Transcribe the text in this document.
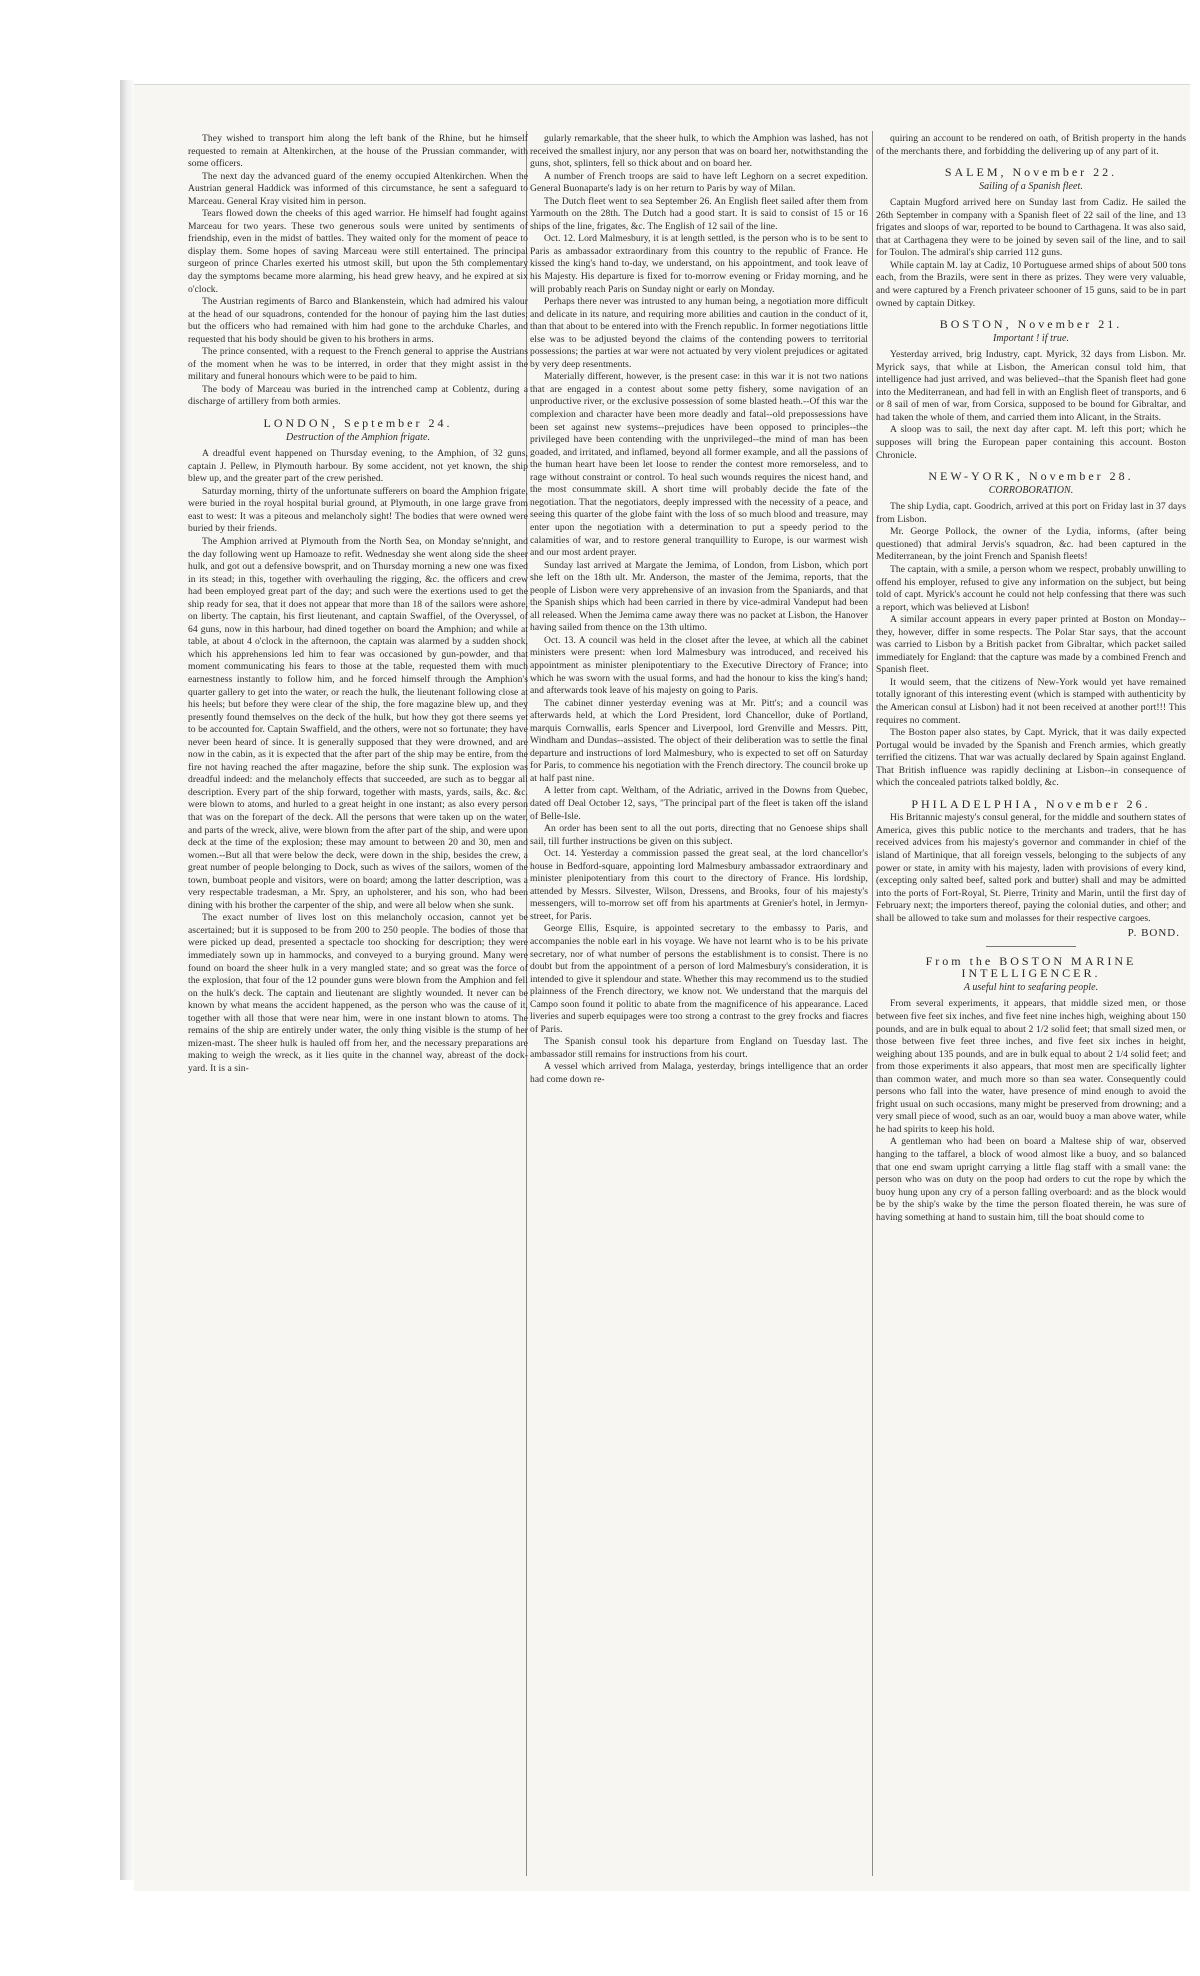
They wished to transport him along the left bank of the Rhine, but he himself requested to remain at Altenkirchen, at the house of the Prussian commander, with some officers.

The next day the advanced guard of the enemy occupied Altenkirchen. When the Austrian general Haddick was informed of this circumstance, he sent a safeguard to Marceau. General Kray visited him in person.

Tears flowed down the cheeks of this aged warrior. He himself had fought against Marceau for two years. These two generous souls were united by sentiments of friendship, even in the midst of battles. They waited only for the moment of peace to display them. Some hopes of saving Marceau were still entertained. The principal surgeon of prince Charles exerted his utmost skill, but upon the 5th complementary day the symptoms became more alarming, his head grew heavy, and he expired at six o'clock.

The Austrian regiments of Barco and Blankenstein, which had admired his valour at the head of our squadrons, contended for the honour of paying him the last duties; but the officers who had remained with him had gone to the archduke Charles, and requested that his body should be given to his brothers in arms.

The prince consented, with a request to the French general to apprise the Austrians of the moment when he was to be interred, in order that they might assist in the military and funeral honours which were to be paid to him.

The body of Marceau was buried in the intrenched camp at Coblentz, during a discharge of artillery from both armies.

LONDON, September 24.

Destruction of the Amphion frigate.

A dreadful event happened on Thursday evening, to the Amphion, of 32 guns, captain J. Pellew, in Plymouth harbour. By some accident, not yet known, the ship blew up, and the greater part of the crew perished.

Saturday morning, thirty of the unfortunate sufferers on board the Amphion frigate, were buried in the royal hospital burial ground, at Plymouth, in one large grave from east to west: It was a piteous and melancholy sight! The bodies that were owned were buried by their friends.

The Amphion arrived at Plymouth from the North Sea, on Monday se'nnight, and the day following went up Hamoaze to refit. Wednesday she went along side the sheer hulk, and got out a defensive bowsprit, and on Thursday morning a new one was fixed in its stead; in this, together with overhauling the rigging, &c. the officers and crew had been employed great part of the day; and such were the exertions used to get the ship ready for sea, that it does not appear that more than 18 of the sailors were ashore, on liberty. The captain, his first lieutenant, and captain Swaffiel, of the Overyssel, of 64 guns, now in this harbour, had dined together on board the Amphion; and while at table, at about 4 o'clock in the afternoon, the captain was alarmed by a sudden shock, which his apprehensions led him to fear was occasioned by gun-powder, and that moment communicating his fears to those at the table, requested them with much earnestness instantly to follow him, and he forced himself through the Amphion's quarter gallery to get into the water, or reach the hulk, the lieutenant following close at his heels; but before they were clear of the ship, the fore magazine blew up, and they presently found themselves on the deck of the hulk, but how they got there seems yet to be accounted for. Captain Swaffield, and the others, were not so fortunate; they have never been heard of since. It is generally supposed that they were drowned, and are now in the cabin, as it is expected that the after part of the ship may be entire, from the fire not having reached the after magazine, before the ship sunk. The explosion was dreadful indeed: and the melancholy effects that succeeded, are such as to beggar all description. Every part of the ship forward, together with masts, yards, sails, &c. &c. were blown to atoms, and hurled to a great height in one instant; as also every person that was on the forepart of the deck. All the persons that were taken up on the water, and parts of the wreck, alive, were blown from the after part of the ship, and were upon deck at the time of the explosion; these may amount to between 20 and 30, men and women.--But all that were below the deck, were down in the ship, besides the crew, a great number of people belonging to Dock, such as wives of the sailors, women of the town, bumboat people and visitors, were on board; among the latter description, was a very respectable tradesman, a Mr. Spry, an upholsterer, and his son, who had been dining with his brother the carpenter of the ship, and were all below when she sunk.

The exact number of lives lost on this melancholy occasion, cannot yet be ascertained; but it is supposed to be from 200 to 250 people. The bodies of those that were picked up dead, presented a spectacle too shocking for description; they were immediately sown up in hammocks, and conveyed to a burying ground. Many were found on board the sheer hulk in a very mangled state; and so great was the force of the explosion, that four of the 12 pounder guns were blown from the Amphion and fell on the hulk's deck. The captain and lieutenant are slightly wounded. It never can be known by what means the accident happened, as the person who was the cause of it, together with all those that were near him, were in one instant blown to atoms. The remains of the ship are entirely under water, the only thing visible is the stump of her mizen-mast. The sheer hulk is hauled off from her, and the necessary preparations are making to weigh the wreck, as it lies quite in the channel way, abreast of the dock-yard. It is a sin-

gularly remarkable, that the sheer hulk, to which the Amphion was lashed, has not received the smallest injury, nor any person that was on board her, notwithstanding the guns, shot, splinters, fell so thick about and on board her.

A number of French troops are said to have left Leghorn on a secret expedition. General Buonaparte's lady is on her return to Paris by way of Milan.

The Dutch fleet went to sea September 26. An English fleet sailed after them from Yarmouth on the 28th. The Dutch had a good start. It is said to consist of 15 or 16 ships of the line, frigates, &c. The English of 12 sail of the line.

Oct. 12. Lord Malmesbury, it is at length settled, is the person who is to be sent to Paris as ambassador extraordinary from this country to the republic of France. He kissed the king's hand to-day, we understand, on his appointment, and took leave of his Majesty. His departure is fixed for to-morrow evening or Friday morning, and he will probably reach Paris on Sunday night or early on Monday.

Perhaps there never was intrusted to any human being, a negotiation more difficult and delicate in its nature, and requiring more abilities and caution in the conduct of it, than that about to be entered into with the French republic. In former negotiations little else was to be adjusted beyond the claims of the contending powers to territorial possessions; the parties at war were not actuated by very violent prejudices or agitated by very deep resentments.

Materially different, however, is the present case: in this war it is not two nations that are engaged in a contest about some petty fishery, some navigation of an unproductive river, or the exclusive possession of some blasted heath.--Of this war the complexion and character have been more deadly and fatal--old prepossessions have been set against new systems--prejudices have been opposed to principles--the privileged have been contending with the unprivileged--the mind of man has been goaded, and irritated, and inflamed, beyond all former example, and all the passions of the human heart have been let loose to render the contest more remorseless, and to rage without constraint or control. To heal such wounds requires the nicest hand, and the most consummate skill. A short time will probably decide the fate of the negotiation. That the negotiators, deeply impressed with the necessity of a peace, and seeing this quarter of the globe faint with the loss of so much blood and treasure, may enter upon the negotiation with a determination to put a speedy period to the calamities of war, and to restore general tranquillity to Europe, is our warmest wish and our most ardent prayer.

Sunday last arrived at Margate the Jemima, of London, from Lisbon, which port she left on the 18th ult. Mr. Anderson, the master of the Jemima, reports, that the people of Lisbon were very apprehensive of an invasion from the Spaniards, and that the Spanish ships which had been carried in there by vice-admiral Vandeput had been all released. When the Jemima came away there was no packet at Lisbon, the Hanover having sailed from thence on the 13th ultimo.

Oct. 13. A council was held in the closet after the levee, at which all the cabinet ministers were present: when lord Malmesbury was introduced, and received his appointment as minister plenipotentiary to the Executive Directory of France; into which he was sworn with the usual forms, and had the honour to kiss the king's hand; and afterwards took leave of his majesty on going to Paris.

The cabinet dinner yesterday evening was at Mr. Pitt's; and a council was afterwards held, at which the Lord President, lord Chancellor, duke of Portland, marquis Cornwallis, earls Spencer and Liverpool, lord Grenville and Messrs. Pitt, Windham and Dundas--assisted. The object of their deliberation was to settle the final departure and instructions of lord Malmesbury, who is expected to set off on Saturday for Paris, to commence his negotiation with the French directory. The council broke up at half past nine.

A letter from capt. Weltham, of the Adriatic, arrived in the Downs from Quebec, dated off Deal October 12, says, "The principal part of the fleet is taken off the island of Belle-Isle.

An order has been sent to all the out ports, directing that no Genoese ships shall sail, till further instructions be given on this subject.

Oct. 14. Yesterday a commission passed the great seal, at the lord chancellor's house in Bedford-square, appointing lord Malmesbury ambassador extraordinary and minister plenipotentiary from this court to the directory of France. His lordship, attended by Messrs. Silvester, Wilson, Dressens, and Brooks, four of his majesty's messengers, will to-morrow set off from his apartments at Grenier's hotel, in Jermyn-street, for Paris.

George Ellis, Esquire, is appointed secretary to the embassy to Paris, and accompanies the noble earl in his voyage. We have not learnt who is to be his private secretary, nor of what number of persons the establishment is to consist. There is no doubt but from the appointment of a person of lord Malmesbury's consideration, it is intended to give it splendour and state. Whether this may recommend us to the studied plainness of the French directory, we know not. We understand that the marquis del Campo soon found it politic to abate from the magnificence of his appearance. Laced liveries and superb equipages were too strong a contrast to the grey frocks and fiacres of Paris.

The Spanish consul took his departure from England on Tuesday last. The ambassador still remains for instructions from his court.

A vessel which arrived from Malaga, yesterday, brings intelligence that an order had come down re-

quiring an account to be rendered on oath, of British property in the hands of the merchants there, and forbidding the delivering up of any part of it.

SALEM, November 22.

Sailing of a Spanish fleet.

Captain Mugford arrived here on Sunday last from Cadiz. He sailed the 26th September in company with a Spanish fleet of 22 sail of the line, and 13 frigates and sloops of war, reported to be bound to Carthagena. It was also said, that at Carthagena they were to be joined by seven sail of the line, and to sail for Toulon. The admiral's ship carried 112 guns.

While captain M. lay at Cadiz, 10 Portuguese armed ships of about 500 tons each, from the Brazils, were sent in there as prizes. They were very valuable, and were captured by a French privateer schooner of 15 guns, said to be in part owned by captain Ditkey.

BOSTON, November 21.

Important ! if true.

Yesterday arrived, brig Industry, capt. Myrick, 32 days from Lisbon. Mr. Myrick says, that while at Lisbon, the American consul told him, that intelligence had just arrived, and was believed--that the Spanish fleet had gone into the Mediterranean, and had fell in with an English fleet of transports, and 6 or 8 sail of men of war, from Corsica, supposed to be bound for Gibraltar, and had taken the whole of them, and carried them into Alicant, in the Straits.

A sloop was to sail, the next day after capt. M. left this port; which he supposes will bring the European paper containing this account. Boston Chronicle.

NEW-YORK, November 28.

CORROBORATION.

The ship Lydia, capt. Goodrich, arrived at this port on Friday last in 37 days from Lisbon.

Mr. George Pollock, the owner of the Lydia, informs, (after being questioned) that admiral Jervis's squadron, &c. had been captured in the Mediterranean, by the joint French and Spanish fleets!

The captain, with a smile, a person whom we respect, probably unwilling to offend his employer, refused to give any information on the subject, but being told of capt. Myrick's account he could not help confessing that there was such a report, which was believed at Lisbon!

A similar account appears in every paper printed at Boston on Monday--they, however, differ in some respects. The Polar Star says, that the account was carried to Lisbon by a British packet from Gibraltar, which packet sailed immediately for England: that the capture was made by a combined French and Spanish fleet.

It would seem, that the citizens of New-York would yet have remained totally ignorant of this interesting event (which is stamped with authenticity by the American consul at Lisbon) had it not been received at another port!!! This requires no comment.

The Boston paper also states, by Capt. Myrick, that it was daily expected Portugal would be invaded by the Spanish and French armies, which greatly terrified the citizens. That war was actually declared by Spain against England. That British influence was rapidly declining at Lisbon--in consequence of which the concealed patriots talked boldly, &c.

PHILADELPHIA, November 26.

His Britannic majesty's consul general, for the middle and southern states of America, gives this public notice to the merchants and traders, that he has received advices from his majesty's governor and commander in chief of the island of Martinique, that all foreign vessels, belonging to the subjects of any power or state, in amity with his majesty, laden with provisions of every kind, (excepting only salted beef, salted pork and butter) shall and may be admitted into the ports of Fort-Royal, St. Pierre, Trinity and Marin, until the first day of February next; the importers thereof, paying the colonial duties, and other; and shall be allowed to take sum and molasses for their respective cargoes.

P. BOND.

From the BOSTON MARINE INTELLIGENCER.

A useful hint to seafaring people.

From several experiments, it appears, that middle sized men, or those between five feet six inches, and five feet nine inches high, weighing about 150 pounds, and are in bulk equal to about 2 1/2 solid feet; that small sized men, or those between five feet three inches, and five feet six inches in height, weighing about 135 pounds, and are in bulk equal to about 2 1/4 solid feet; and from those experiments it also appears, that most men are specifically lighter than common water, and much more so than sea water. Consequently could persons who fall into the water, have presence of mind enough to avoid the fright usual on such occasions, many might be preserved from drowning; and a very small piece of wood, such as an oar, would buoy a man above water, while he had spirits to keep his hold.

A gentleman who had been on board a Maltese ship of war, observed hanging to the taffarel, a block of wood almost like a buoy, and so balanced that one end swam upright carrying a little flag staff with a small vane: the person who was on duty on the poop had orders to cut the rope by which the buoy hung upon any cry of a person falling overboard: and as the block would be by the ship's wake by the time the person floated therein, he was sure of having something at hand to sustain him, till the boat should come to
